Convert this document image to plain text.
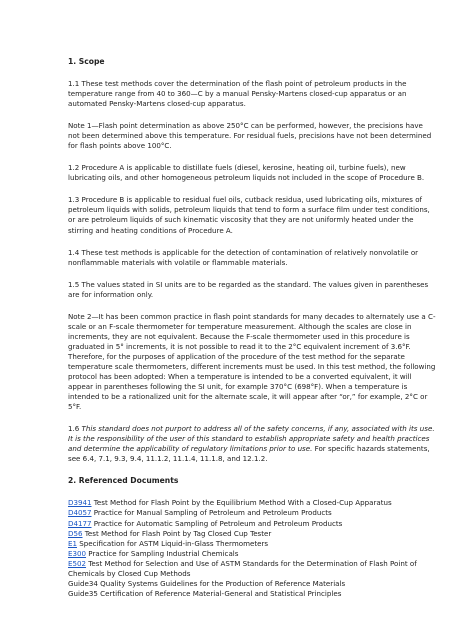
1. Scope
1.1 These test methods cover the determination of the flash point of petroleum products in the temperature range from 40 to 360—C by a manual Pensky-Martens closed-cup apparatus or an automated Pensky-Martens closed-cup apparatus.
Note 1—Flash point determination as above 250°C can be performed, however, the precisions have not been determined above this temperature. For residual fuels, precisions have not been determined for flash points above 100°C.
1.2 Procedure A is applicable to distillate fuels (diesel, kerosine, heating oil, turbine fuels), new lubricating oils, and other homogeneous petroleum liquids not included in the scope of Procedure B.
1.3 Procedure B is applicable to residual fuel oils, cutback residua, used lubricating oils, mixtures of petroleum liquids with solids, petroleum liquids that tend to form a surface film under test conditions, or are petroleum liquids of such kinematic viscosity that they are not uniformly heated under the stirring and heating conditions of Procedure A.
1.4 These test methods is applicable for the detection of contamination of relatively nonvolatile or nonflammable materials with volatile or flammable materials.
1.5 The values stated in SI units are to be regarded as the standard. The values given in parentheses are for information only.
Note 2—It has been common practice in flash point standards for many decades to alternately use a C-scale or an F-scale thermometer for temperature measurement. Although the scales are close in increments, they are not equivalent. Because the F-scale thermometer used in this procedure is graduated in 5° increments, it is not possible to read it to the 2°C equivalent increment of 3.6°F. Therefore, for the purposes of application of the procedure of the test method for the separate temperature scale thermometers, different increments must be used. In this test method, the following protocol has been adopted: When a temperature is intended to be a converted equivalent, it will appear in parentheses following the SI unit, for example 370°C (698°F). When a temperature is intended to be a rationalized unit for the alternate scale, it will appear after “or,” for example, 2°C or 5°F.
1.6 This standard does not purport to address all of the safety concerns, if any, associated with its use. It is the responsibility of the user of this standard to establish appropriate safety and health practices and determine the applicability of regulatory limitations prior to use. For specific hazards statements, see 6.4, 7.1, 9.3, 9.4, 11.1.2, 11.1.4, 11.1.8, and 12.1.2.
2. Referenced Documents
D3941 Test Method for Flash Point by the Equilibrium Method With a Closed-Cup Apparatus
D4057 Practice for Manual Sampling of Petroleum and Petroleum Products
D4177 Practice for Automatic Sampling of Petroleum and Petroleum Products
D56 Test Method for Flash Point by Tag Closed Cup Tester
E1 Specification for ASTM Liquid-in-Glass Thermometers
E300 Practice for Sampling Industrial Chemicals
E502 Test Method for Selection and Use of ASTM Standards for the Determination of Flash Point of Chemicals by Closed Cup Methods
Guide34 Quality Systems Guidelines for the Production of Reference Materials
Guide35 Certification of Reference Material-General and Statistical Principles
